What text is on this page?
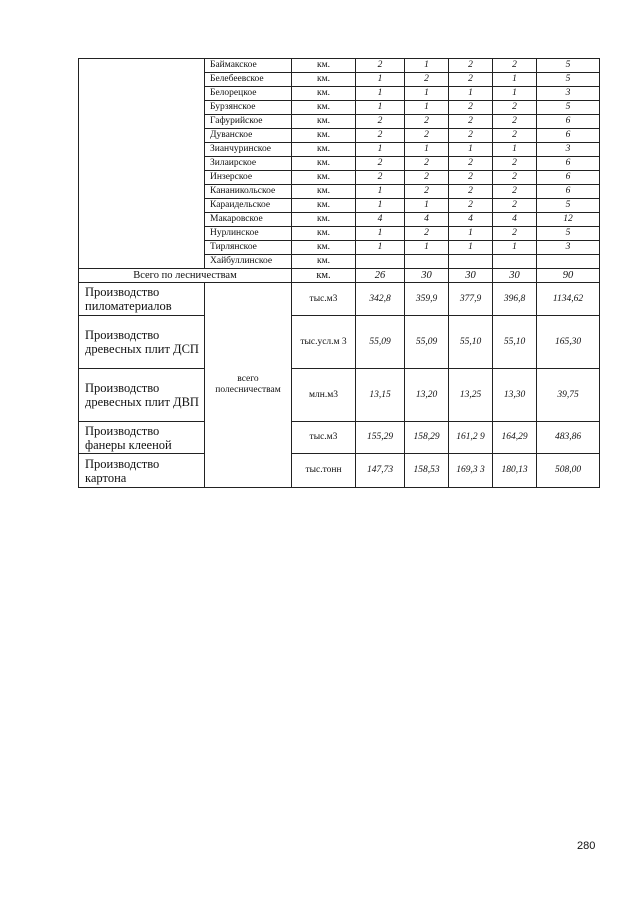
	Баймакское	км.	2	1	2	2	5
	Белебеевское	км.	1	2	2	1	5
	Белорецкое	км.	1	1	1	1	3
	Бурзянское	км.	1	1	2	2	5
	Гафурийское	км.	2	2	2	2	6
	Дуванское	км.	2	2	2	2	6
	Зианчуринское	км.	1	1	1	1	3
	Зилаирское	км.	2	2	2	2	6
	Инзерское	км.	2	2	2	2	6
	Кананикольское	км.	1	2	2	2	6
	Караидельское	км.	1	1	2	2	5
	Макаровское	км.	4	4	4	4	12
	Нурлинское	км.	1	2	1	2	5
	Тирлянское	км.	1	1	1	1	3
	Хайбуллинское	км.					
Всего по лесничествам		км.	26	30	30	30	90
Производство пиломатериалов	всего полесничествам	тыс.м3	342,8	359,9	377,9	396,8	1134,62
Производство древесных плит ДСП		тыс.усл.м 3	55,09	55,09	55,10	55,10	165,30
Производство древесных плит ДВП		млн.м3	13,15	13,20	13,25	13,30	39,75
Производство фанеры клееной		тыс.м3	155,29	158,29	161,2 9	164,29	483,86
Производство картона		тыс.тонн	147,73	158,53	169,3 3	180,13	508,00
280
